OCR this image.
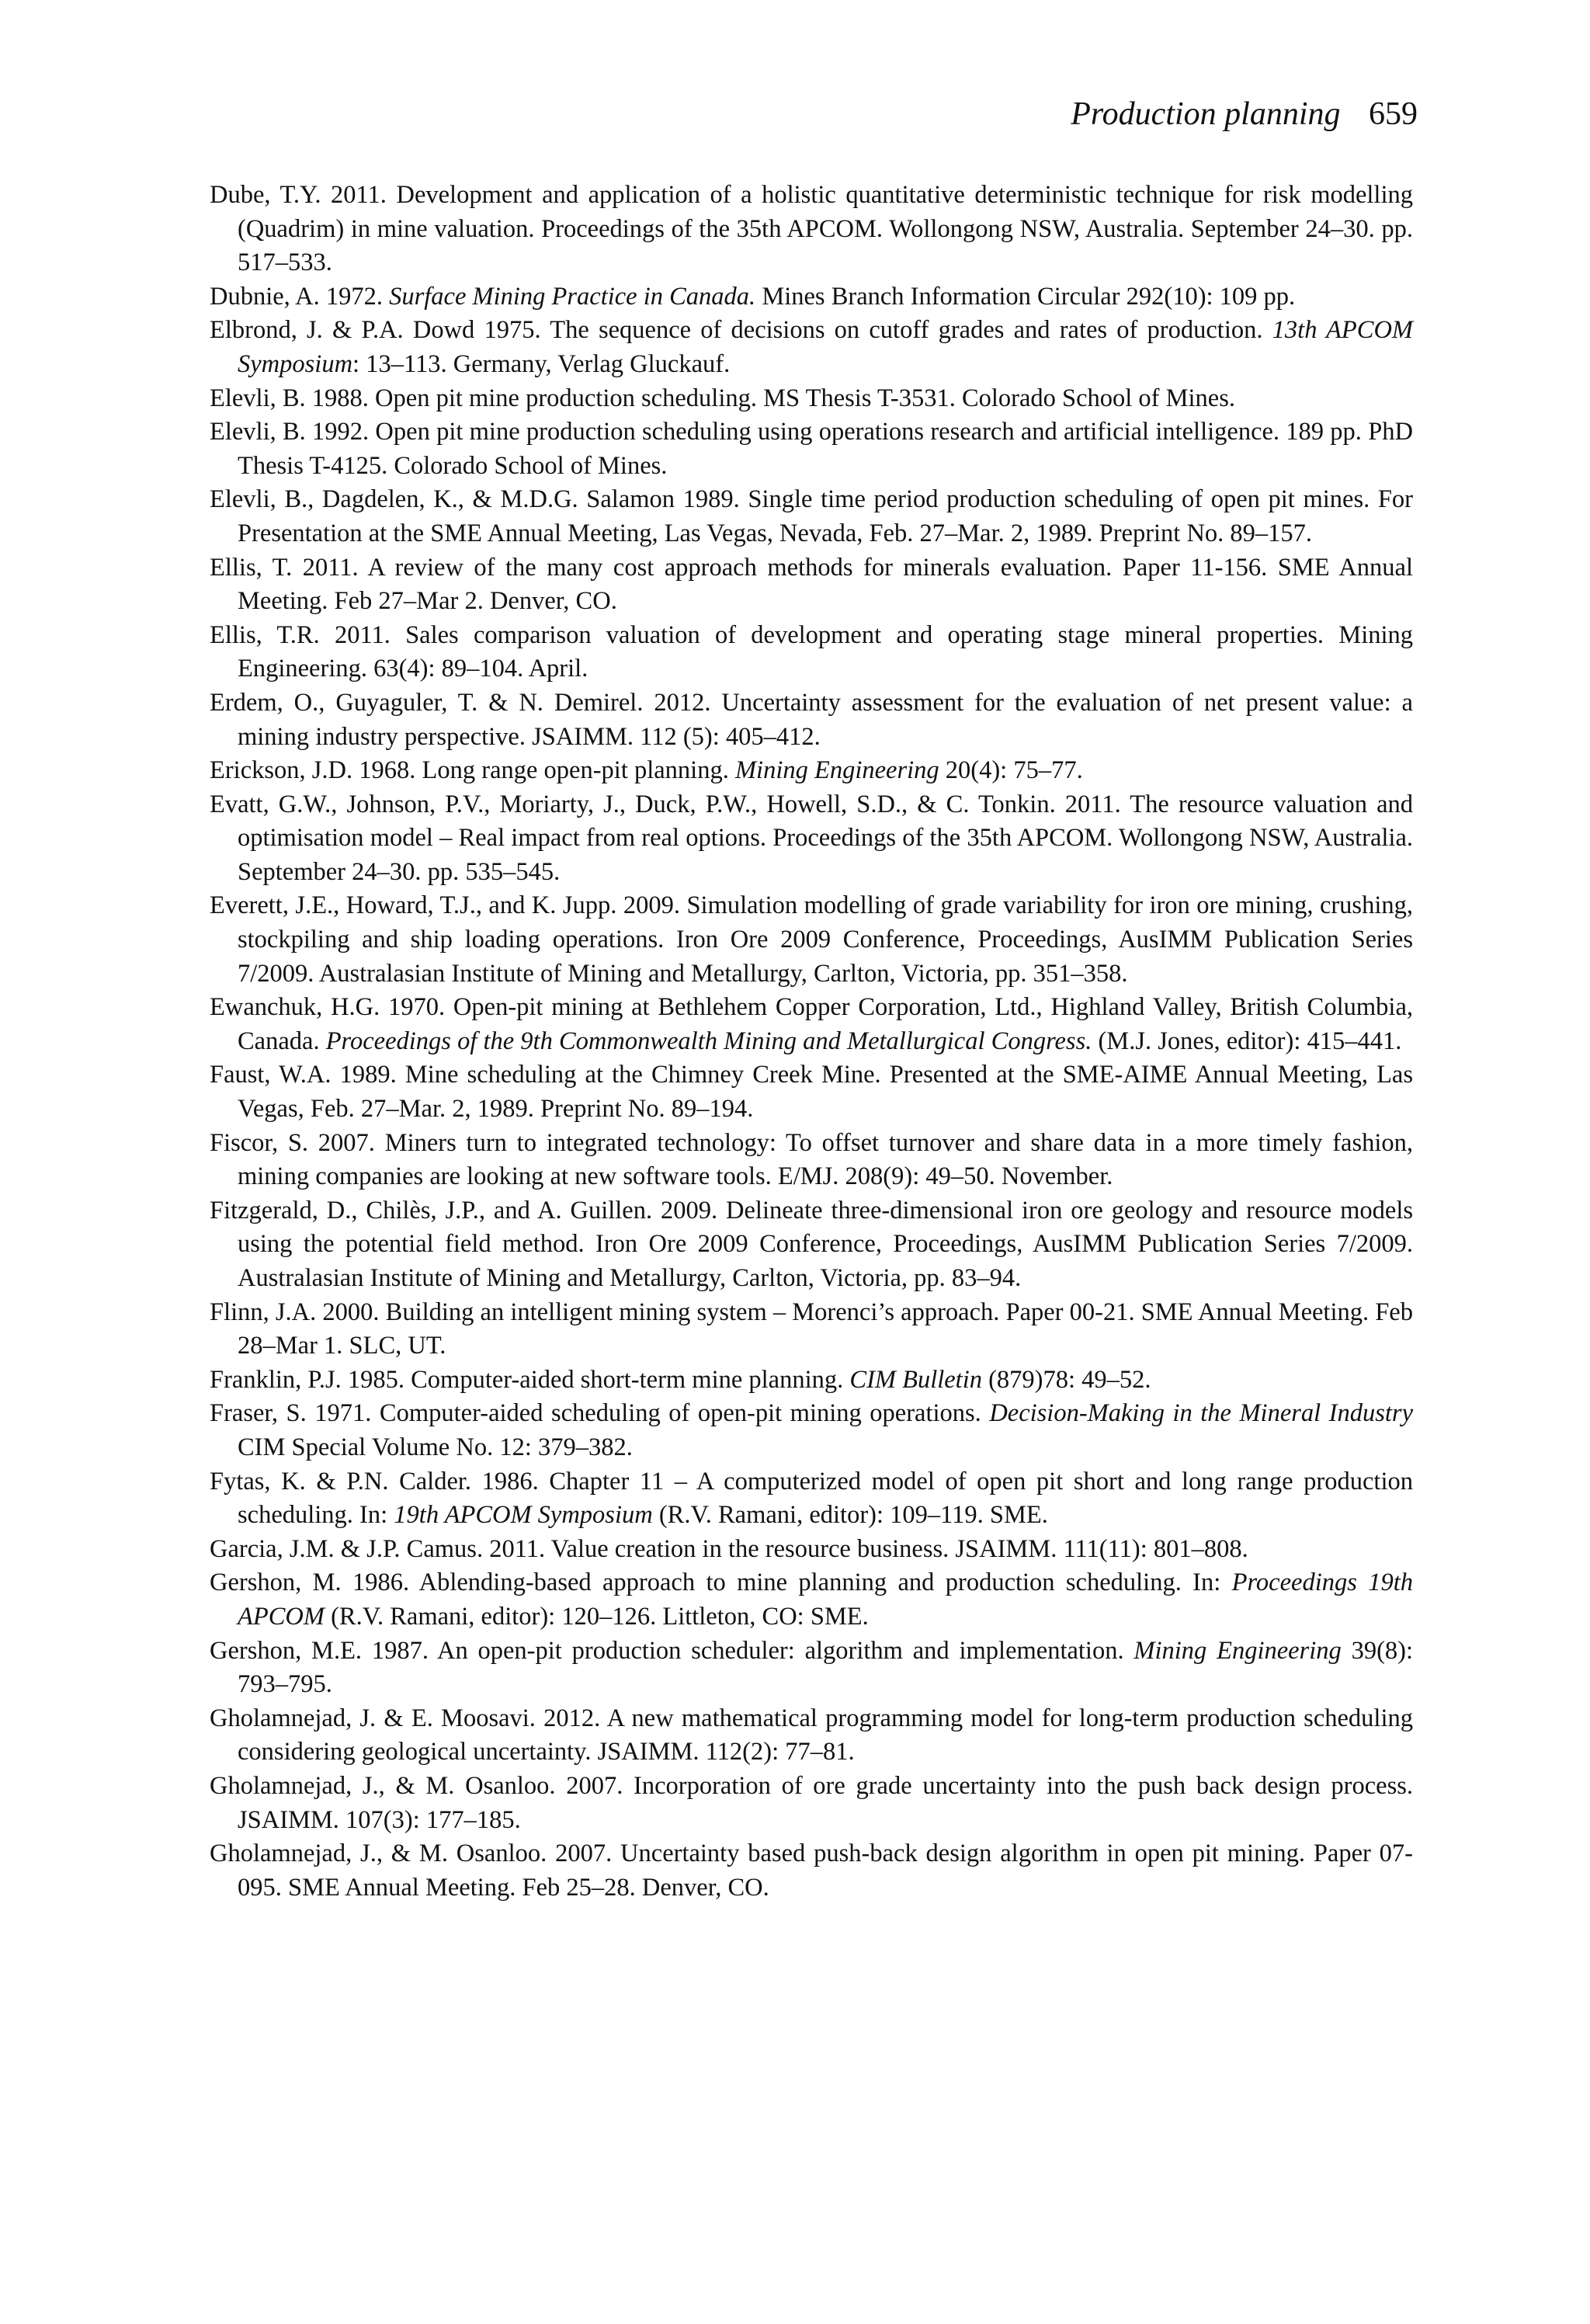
Production planning 659
Dube, T.Y. 2011. Development and application of a holistic quantitative deterministic technique for risk modelling (Quadrim) in mine valuation. Proceedings of the 35th APCOM. Wollongong NSW, Australia. September 24–30. pp. 517–533.
Dubnie, A. 1972. Surface Mining Practice in Canada. Mines Branch Information Circular 292(10): 109 pp.
Elbrond, J. & P.A. Dowd 1975. The sequence of decisions on cutoff grades and rates of production. 13th APCOM Symposium: 13–113. Germany, Verlag Gluckauf.
Elevli, B. 1988. Open pit mine production scheduling. MS Thesis T-3531. Colorado School of Mines.
Elevli, B. 1992. Open pit mine production scheduling using operations research and artificial intelligence. 189 pp. PhD Thesis T-4125. Colorado School of Mines.
Elevli, B., Dagdelen, K., & M.D.G. Salamon 1989. Single time period production scheduling of open pit mines. For Presentation at the SME Annual Meeting, Las Vegas, Nevada, Feb. 27–Mar. 2, 1989. Preprint No. 89–157.
Ellis, T. 2011. A review of the many cost approach methods for minerals evaluation. Paper 11-156. SME Annual Meeting. Feb 27–Mar 2. Denver, CO.
Ellis, T.R. 2011. Sales comparison valuation of development and operating stage mineral properties. Mining Engineering. 63(4): 89–104. April.
Erdem, O., Guyaguler, T. & N. Demirel. 2012. Uncertainty assessment for the evaluation of net present value: a mining industry perspective. JSAIMM. 112 (5): 405–412.
Erickson, J.D. 1968. Long range open-pit planning. Mining Engineering 20(4): 75–77.
Evatt, G.W., Johnson, P.V., Moriarty, J., Duck, P.W., Howell, S.D., & C. Tonkin. 2011. The resource valuation and optimisation model – Real impact from real options. Proceedings of the 35th APCOM. Wollongong NSW, Australia. September 24–30. pp. 535–545.
Everett, J.E., Howard, T.J., and K. Jupp. 2009. Simulation modelling of grade variability for iron ore mining, crushing, stockpiling and ship loading operations. Iron Ore 2009 Conference, Proceedings, AusIMM Publication Series 7/2009. Australasian Institute of Mining and Metallurgy, Carlton, Victoria, pp. 351–358.
Ewanchuk, H.G. 1970. Open-pit mining at Bethlehem Copper Corporation, Ltd., Highland Valley, British Columbia, Canada. Proceedings of the 9th Commonwealth Mining and Metallurgical Congress. (M.J. Jones, editor): 415–441.
Faust, W.A. 1989. Mine scheduling at the Chimney Creek Mine. Presented at the SME-AIME Annual Meeting, Las Vegas, Feb. 27–Mar. 2, 1989. Preprint No. 89–194.
Fiscor, S. 2007. Miners turn to integrated technology: To offset turnover and share data in a more timely fashion, mining companies are looking at new software tools. E/MJ. 208(9): 49–50. November.
Fitzgerald, D., Chilès, J.P., and A. Guillen. 2009. Delineate three-dimensional iron ore geology and resource models using the potential field method. Iron Ore 2009 Conference, Proceedings, AusIMM Publication Series 7/2009. Australasian Institute of Mining and Metallurgy, Carlton, Victoria, pp. 83–94.
Flinn, J.A. 2000. Building an intelligent mining system – Morenci’s approach. Paper 00-21. SME Annual Meeting. Feb 28–Mar 1. SLC, UT.
Franklin, P.J. 1985. Computer-aided short-term mine planning. CIM Bulletin (879)78: 49–52.
Fraser, S. 1971. Computer-aided scheduling of open-pit mining operations. Decision-Making in the Mineral Industry CIM Special Volume No. 12: 379–382.
Fytas, K. & P.N. Calder. 1986. Chapter 11 – A computerized model of open pit short and long range production scheduling. In: 19th APCOM Symposium (R.V. Ramani, editor): 109–119. SME.
Garcia, J.M. & J.P. Camus. 2011. Value creation in the resource business. JSAIMM. 111(11): 801–808.
Gershon, M. 1986. Ablending-based approach to mine planning and production scheduling. In: Proceedings 19th APCOM (R.V. Ramani, editor): 120–126. Littleton, CO: SME.
Gershon, M.E. 1987. An open-pit production scheduler: algorithm and implementation. Mining Engineering 39(8): 793–795.
Gholamnejad, J. & E. Moosavi. 2012. A new mathematical programming model for long-term production scheduling considering geological uncertainty. JSAIMM. 112(2): 77–81.
Gholamnejad, J., & M. Osanloo. 2007. Incorporation of ore grade uncertainty into the push back design process. JSAIMM. 107(3): 177–185.
Gholamnejad, J., & M. Osanloo. 2007. Uncertainty based push-back design algorithm in open pit mining. Paper 07-095. SME Annual Meeting. Feb 25–28. Denver, CO.
